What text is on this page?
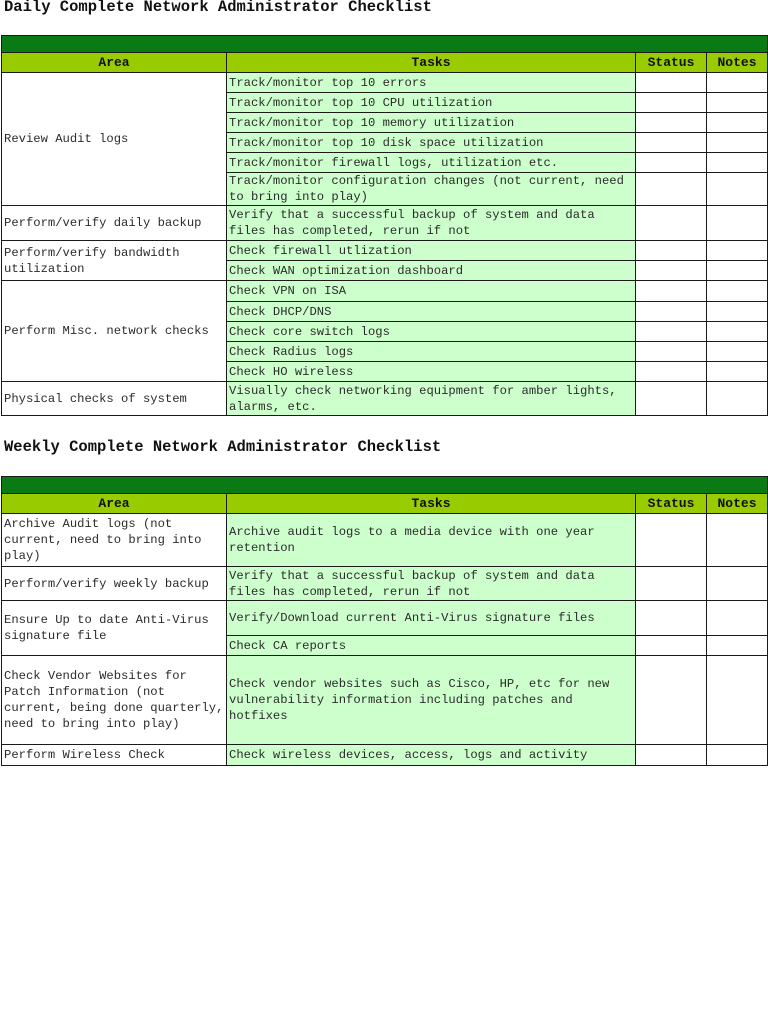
Daily Complete Network Administrator Checklist

Area	Tasks	Status	Notes
Review Audit logs	Track/monitor top 10 errors		
	Track/monitor top 10 CPU utilization		
	Track/monitor top 10 memory utilization		
	Track/monitor top 10 disk space utilization		
	Track/monitor firewall logs, utilization etc.		
	Track/monitor configuration changes (not current, need to bring into play)		
Perform/verify daily backup	Verify that a successful backup of system and data files has completed, rerun if not		
Perform/verify bandwidth utilization	Check firewall utlization		
	Check WAN optimization dashboard		
Perform Misc. network checks	Check VPN on ISA		
	Check DHCP/DNS		
	Check core switch logs		
	Check Radius logs		
	Check HO wireless		
Physical checks of system	Visually check networking equipment for amber lights, alarms, etc.		
Weekly Complete Network Administrator Checklist

Area	Tasks	Status	Notes
Archive Audit logs (not current, need to bring into play)	Archive audit logs to a media device with one year retention		
Perform/verify weekly backup	Verify that a successful backup of system and data files has completed, rerun if not		
Ensure Up to date Anti-Virus signature file	Verify/Download current Anti-Virus signature files		
	Check CA reports		
Check Vendor Websites for Patch Information (not current, being done quarterly, need to bring into play)	Check vendor websites such as Cisco, HP, etc for new vulnerability information including patches and hotfixes		
Perform Wireless Check	Check wireless devices, access, logs and activity		
